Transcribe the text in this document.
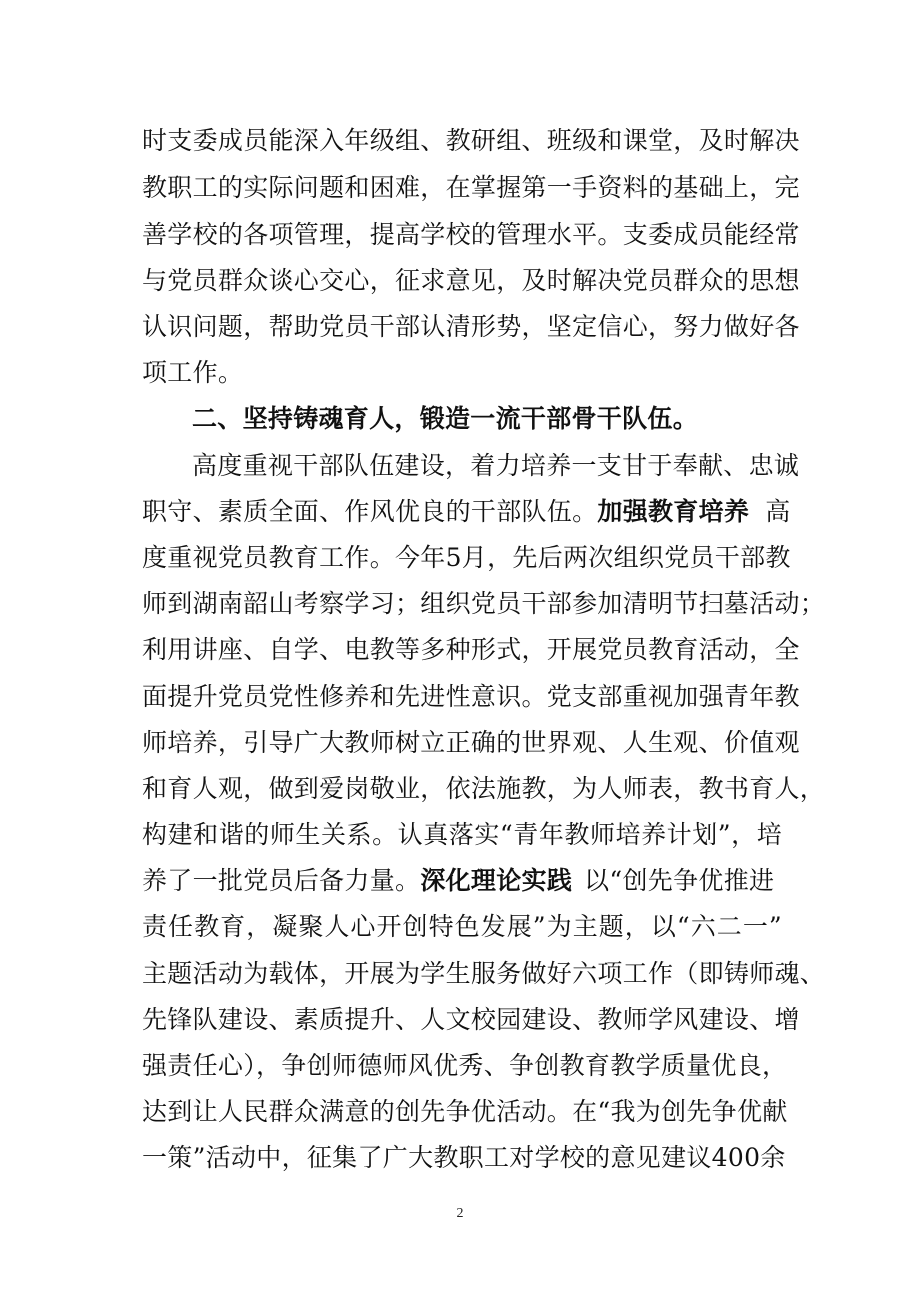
时支委成员能深入年级组、教研组、班级和课堂，及时解决
教职工的实际问题和困难，在掌握第一手资料的基础上，完
善学校的各项管理，提高学校的管理水平。支委成员能经常
与党员群众谈心交心，征求意见，及时解决党员群众的思想
认识问题，帮助党员干部认清形势，坚定信心，努力做好各
项工作。
二、坚持铸魂育人，锻造一流干部骨干队伍。
高度重视干部队伍建设，着力培养一支甘于奉献、忠诚
职守、素质全面、作风优良的干部队伍。加强教育培养 高
度重视党员教育工作。今年5月，先后两次组织党员干部教
师到湖南韶山考察学习；组织党员干部参加清明节扫墓活动；
利用讲座、自学、电教等多种形式，开展党员教育活动，全
面提升党员党性修养和先进性意识。党支部重视加强青年教
师培养，引导广大教师树立正确的世界观、人生观、价值观
和育人观，做到爱岗敬业，依法施教，为人师表，教书育人，
构建和谐的师生关系。认真落实“青年教师培养计划”，培
养了一批党员后备力量。深化理论实践 以“创先争优推进
责任教育，凝聚人心开创特色发展”为主题，以“六二一”
主题活动为载体，开展为学生服务做好六项工作（即铸师魂、
先锋队建设、素质提升、人文校园建设、教师学风建设、增
强责任心），争创师德师风优秀、争创教育教学质量优良，
达到让人民群众满意的创先争优活动。在“我为创先争优献
一策”活动中，征集了广大教职工对学校的意见建议400余
2
